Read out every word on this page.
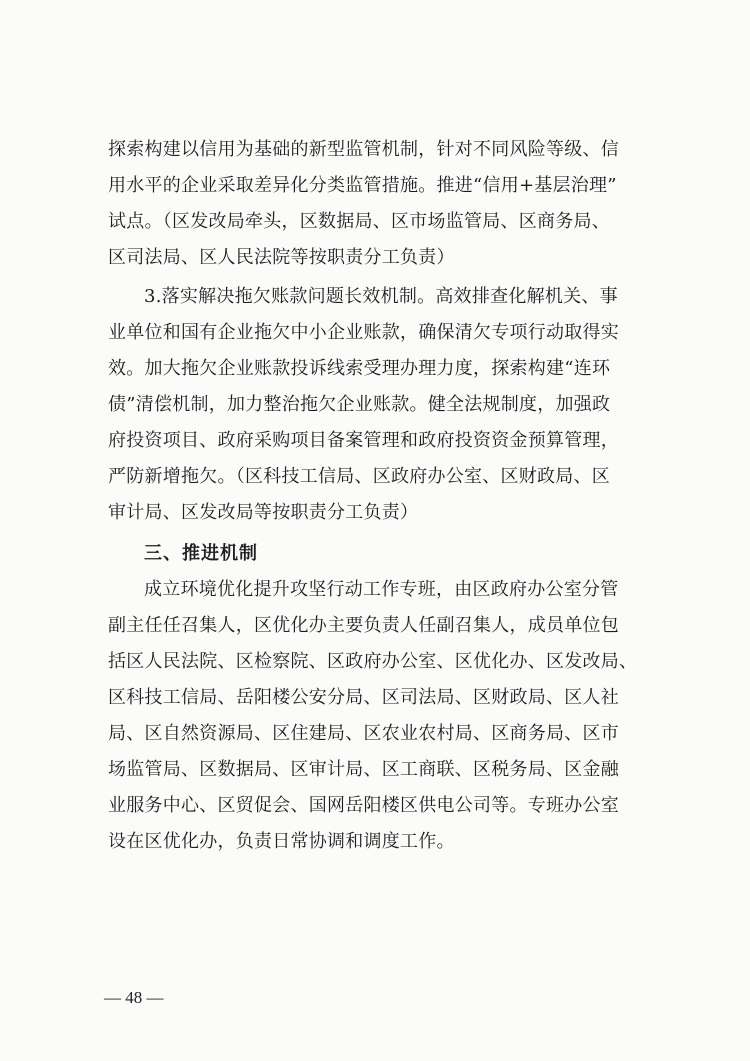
探索构建以信用为基础的新型监管机制，针对不同风险等级、信
用水平的企业采取差异化分类监管措施。推进“信用+基层治理”
试点。（区发改局牵头，区数据局、区市场监管局、区商务局、
区司法局、区人民法院等按职责分工负责）
3.落实解决拖欠账款问题长效机制。高效排查化解机关、事
业单位和国有企业拖欠中小企业账款，确保清欠专项行动取得实
效。加大拖欠企业账款投诉线索受理办理力度，探索构建“连环
债”清偿机制，加力整治拖欠企业账款。健全法规制度，加强政
府投资项目、政府采购项目备案管理和政府投资资金预算管理，
严防新增拖欠。（区科技工信局、区政府办公室、区财政局、区
审计局、区发改局等按职责分工负责）
三、推进机制
成立环境优化提升攻坚行动工作专班，由区政府办公室分管
副主任任召集人，区优化办主要负责人任副召集人，成员单位包
括区人民法院、区检察院、区政府办公室、区优化办、区发改局、
区科技工信局、岳阳楼公安分局、区司法局、区财政局、区人社
局、区自然资源局、区住建局、区农业农村局、区商务局、区市
场监管局、区数据局、区审计局、区工商联、区税务局、区金融
业服务中心、区贸促会、国网岳阳楼区供电公司等。专班办公室
设在区优化办，负责日常协调和调度工作。
— 48 —
